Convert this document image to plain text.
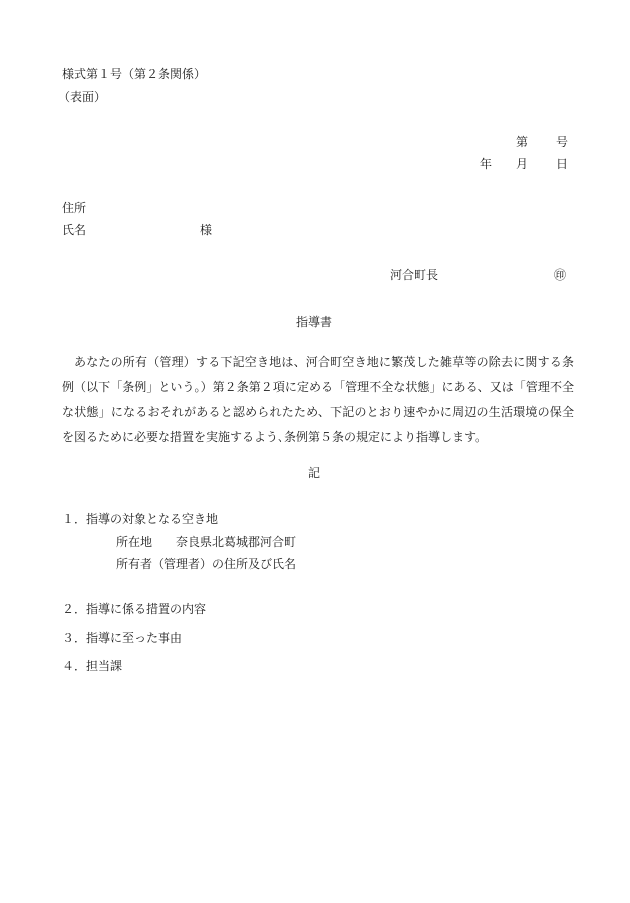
様式第１号（第２条関係）
（表面）
第 号
年 月 日
住所
氏名	様
河合町長	㊞
指導書
あなたの所有（管理）する下記空き地は、河合町空き地に繁茂した雑草等の除去に関する条例（以下「条例」という。）第２条第２項に定める「管理不全な状態」にある、又は「管理不全な状態」になるおそれがあると認められたため、下記のとおり速やかに周辺の生活環境の保全を図るために必要な措置を実施するよう､条例第５条の規定により指導します。
記
１．指導の対象となる空き地
所在地 奈良県北葛城郡河合町
所有者（管理者）の住所及び氏名
２．指導に係る措置の内容
３．指導に至った事由
４．担当課
